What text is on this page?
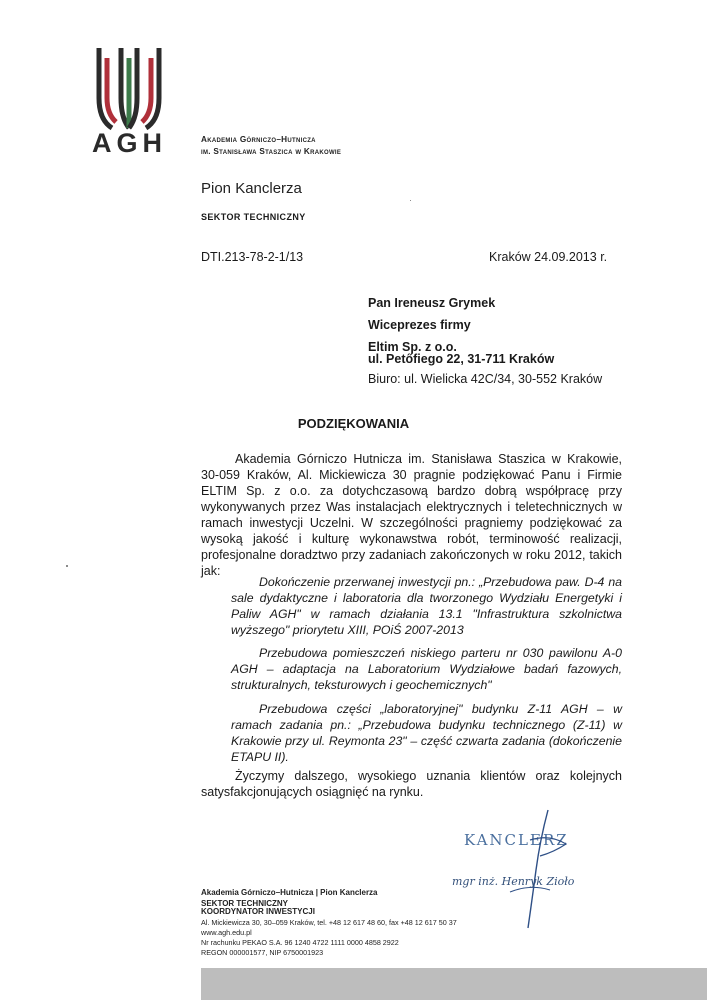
AGH	Akademia Górniczo–Hutnicza
im. Stanisława Staszica w Krakowie
Pion Kanclerza
SEKTOR TECHNICZNY
DTI.213-78-2-1/13	Kraków 24.09.2013 r.
Pan Ireneusz Grymek
Wiceprezes firmy
Eltim Sp. z o.o.
ul. Petőfiego 22, 31-711 Kraków
Biuro: ul. Wielicka 42C/34, 30-552 Kraków
PODZIĘKOWANIA
Akademia Górniczo Hutnicza im. Stanisława Staszica w Krakowie, 30-059 Kraków, Al. Mickiewicza 30 pragnie podziękować Panu i Firmie ELTIM Sp. z o.o. za dotychczasową bardzo dobrą współpracę przy wykonywanych przez Was instalacjach elektrycznych i teletechnicznych w ramach inwestycji Uczelni. W szczególności pragniemy podziękować za wysoką jakość i kulturę wykonawstwa robót, terminowość realizacji, profesjonalne doradztwo przy zadaniach zakończonych w roku 2012, takich jak:
Dokończenie przerwanej inwestycji pn.: „Przebudowa paw. D-4 na sale dydaktyczne i laboratoria dla tworzonego Wydziału Energetyki i Paliw AGH" w ramach działania 13.1 "Infrastruktura szkolnictwa wyższego" priorytetu XIII, POiŚ 2007-2013
Przebudowa pomieszczeń niskiego parteru nr 030 pawilonu A-0 AGH – adaptacja na Laboratorium Wydziałowe badań fazowych, strukturalnych, teksturowych i geochemicznych"
Przebudowa części „laboratoryjnej" budynku Z-11 AGH – w ramach zadania pn.: „Przebudowa budynku technicznego (Z-11) w Krakowie przy ul. Reymonta 23" – część czwarta zadania (dokończenie ETAPU II).
Życzymy dalszego, wysokiego uznania klientów oraz kolejnych satysfakcjonujących osiągnięć na rynku.
KANCLERZ
mgr inż. Henryk Zioło
Akademia Górniczo–Hutnicza | Pion Kanclerza
SEKTOR TECHNICZNY
KOORDYNATOR INWESTYCJI
Al. Mickiewicza 30, 30–059 Kraków, tel. +48 12 617 48 60, fax +48 12 617 50 37
www.agh.edu.pl
Nr rachunku PEKAO S.A. 96 1240 4722 1111 0000 4858 2922
REGON 000001577, NIP 6750001923
